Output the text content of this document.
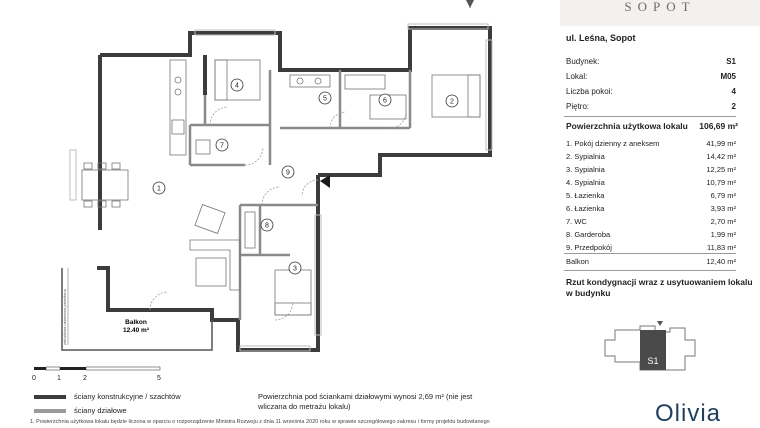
1
2
3
4
5	6
7
8
9
Balkon
12.40 m²
zabudowa ustawiona przesłona
0	1	2	5
ściany konstrukcyjne / szachtów
ściany działowe
Powierzchnia pod ściankami działowymi wynosi 2,69 m² (nie jest wliczana do metrażu lokalu)
1. Powierzchnia użytkowa lokalu będzie liczona w oparciu o rozporządzenie Ministra Rozwoju z dnia 11 września 2020 roku w sprawie szczegółowego zakresu i formy projektu budowlanego
SOPOT
ul. Leśna, Sopot
Budynek:	S1
Lokal:	M05
Liczba pokoi:	4
Piętro:	2
Powierzchnia użytkowa lokalu 106,69 m²
1. Pokój dzienny z aneksem	41,99 m²
2. Sypialnia	14,42 m²
3. Sypialnia	12,25 m²
4. Sypialnia	10,79 m²
5. Łazienka	6,79 m²
6. Łazienka	3,93 m²
7. WC	2,70 m²
8. Garderoba	1,99 m²
9. Przedpokój	11,83 m²
Balkon	12,40 m²
Rzut kondygnacji wraz z usytuowaniem lokalu w budynku
S1
Olivia
